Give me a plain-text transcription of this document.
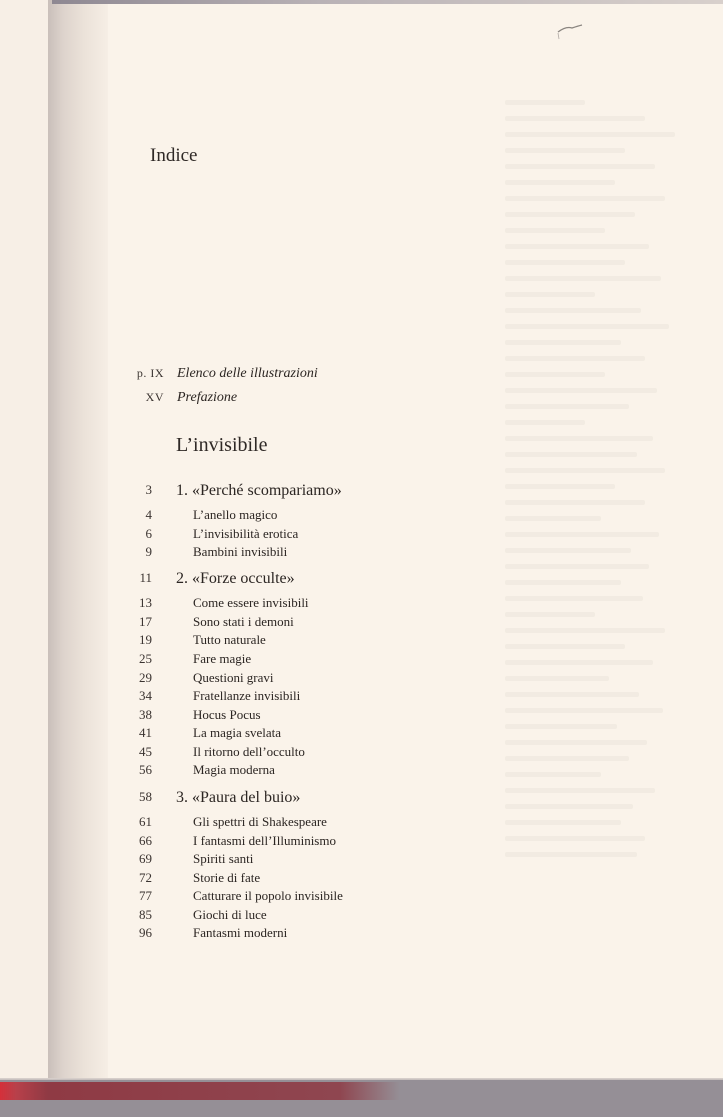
Indice
p. IX Elenco delle illustrazioni
XV Prefazione
L’invisibile
3 1. «Perché scompariamo»
4	L’anello magico
6	L’invisibilità erotica
9	Bambini invisibili
11 2. «Forze occulte»
13	Come essere invisibili
17	Sono stati i demoni
19	Tutto naturale
25	Fare magie
29	Questioni gravi
34	Fratellanze invisibili
38	Hocus Pocus
41	La magia svelata
45	Il ritorno dell’occulto
56	Magia moderna
58 3. «Paura del buio»
61	Gli spettri di Shakespeare
66	I fantasmi dell’Illuminismo
69	Spiriti santi
72	Storie di fate
77	Catturare il popolo invisibile
85	Giochi di luce
96	Fantasmi moderni
